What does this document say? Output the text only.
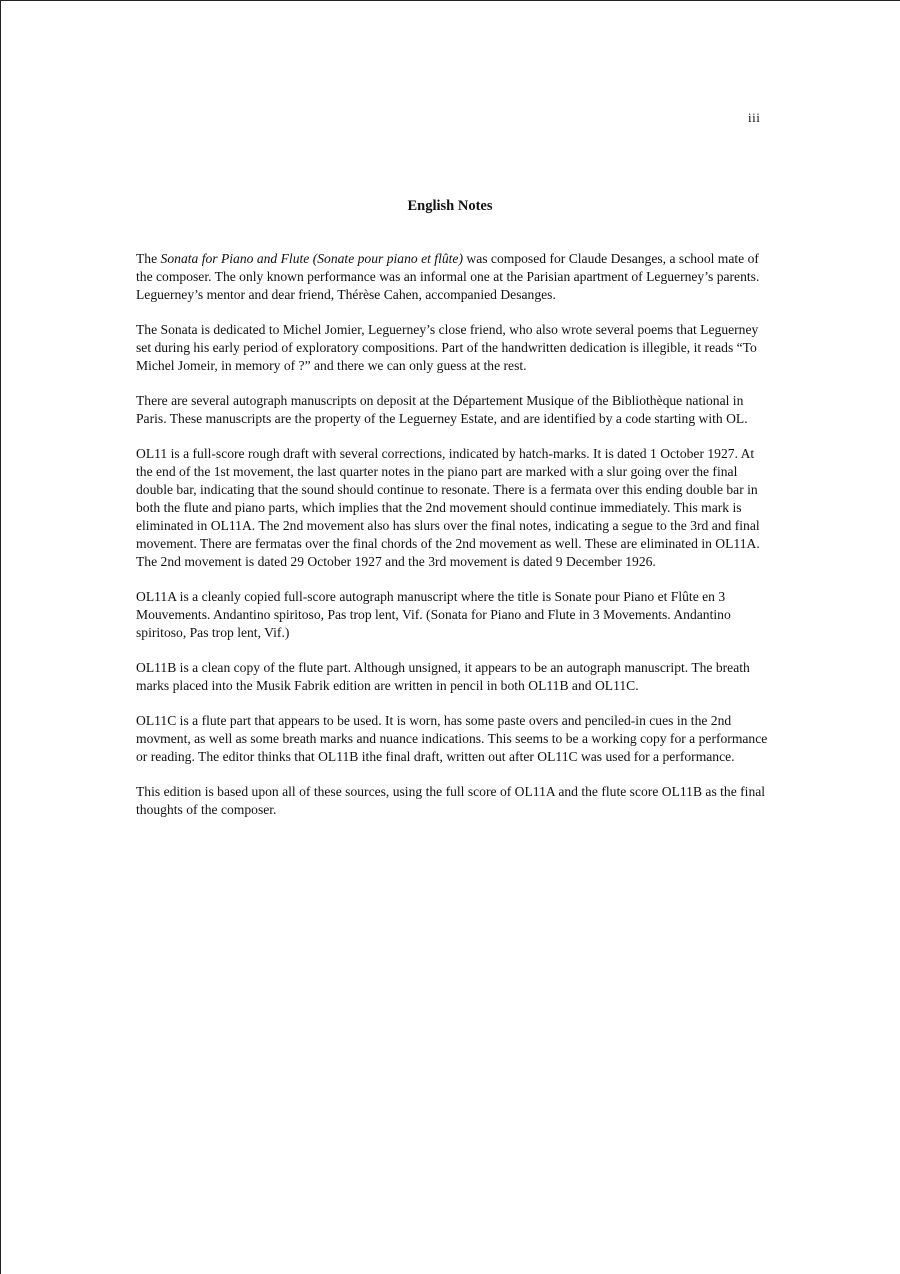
iii
English Notes

The Sonata for Piano and Flute (Sonate pour piano et flûte) was composed for Claude Desanges, a school mate of the composer. The only known performance was an informal one at the Parisian apartment of Leguerney’s parents. Leguerney’s mentor and dear friend, Thérèse Cahen, accompanied Desanges.

The Sonata is dedicated to Michel Jomier, Leguerney’s close friend, who also wrote several poems that Leguerney set during his early period of exploratory compositions. Part of the handwritten dedication is illegible, it reads “To Michel Jomeir, in memory of ?” and there we can only guess at the rest.

There are several autograph manuscripts on deposit at the Département Musique of the Bibliothèque national in Paris. These manuscripts are the property of the Leguerney Estate, and are identified by a code starting with OL.

OL11 is a full-score rough draft with several corrections, indicated by hatch-marks. It is dated 1 October 1927. At the end of the 1st movement, the last quarter notes in the piano part are marked with a slur going over the final double bar, indicating that the sound should continue to resonate. There is a fermata over this ending double bar in both the flute and piano parts, which implies that the 2nd movement should continue immediately. This mark is eliminated in OL11A. The 2nd movement also has slurs over the final notes, indicating a segue to the 3rd and final movement. There are fermatas over the final chords of the 2nd movement as well. These are eliminated in OL11A. The 2nd movement is dated 29 October 1927 and the 3rd movement is dated 9 December 1926.

OL11A is a cleanly copied full-score autograph manuscript where the title is Sonate pour Piano et Flûte en 3 Mouvements. Andantino spiritoso, Pas trop lent, Vif. (Sonata for Piano and Flute in 3 Movements. Andantino spiritoso, Pas trop lent, Vif.)

OL11B is a clean copy of the flute part. Although unsigned, it appears to be an autograph manuscript. The breath marks placed into the Musik Fabrik edition are written in pencil in both OL11B and OL11C.

OL11C is a flute part that appears to be used. It is worn, has some paste overs and penciled-in cues in the 2nd movment, as well as some breath marks and nuance indications. This seems to be a working copy for a performance or reading. The editor thinks that OL11B ithe final draft, written out after OL11C was used for a performance.

This edition is based upon all of these sources, using the full score of OL11A and the flute score OL11B as the final thoughts of the composer.
